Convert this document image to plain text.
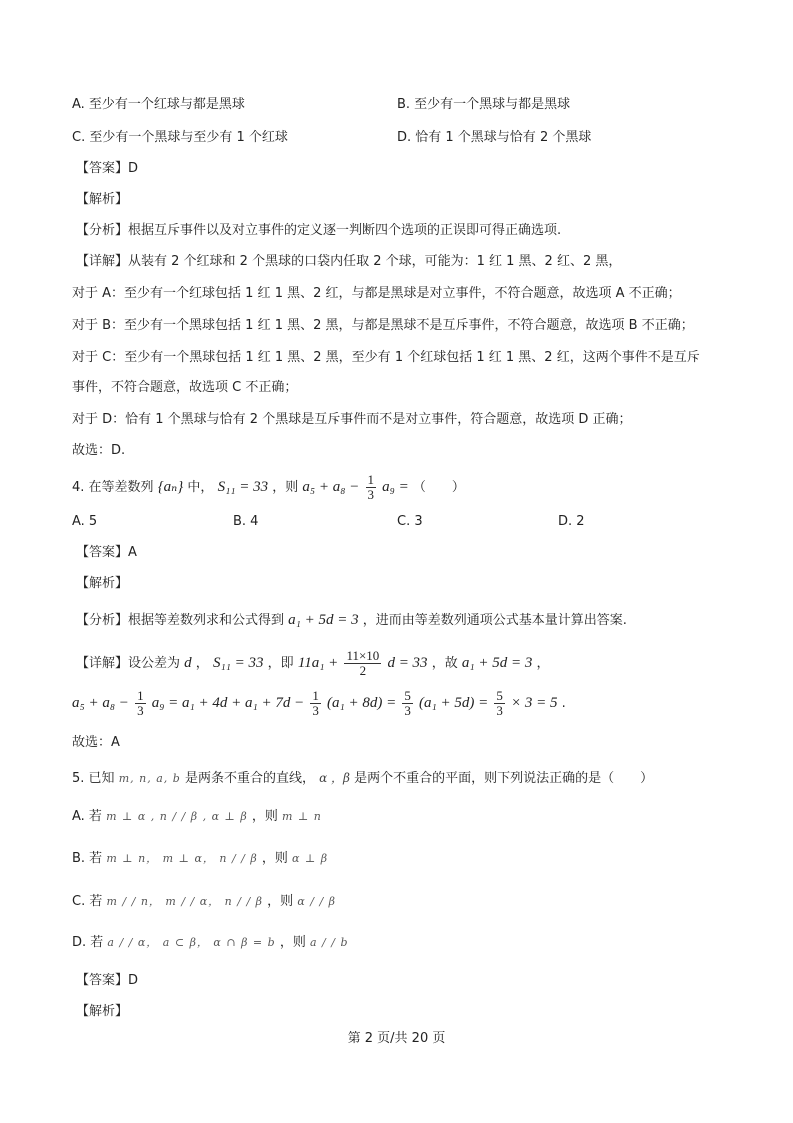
A. 至少有一个红球与都是黑球	B. 至少有一个黑球与都是黑球
C. 至少有一个黑球与至少有 1 个红球	D. 恰有 1 个黑球与恰有 2 个黑球
【答案】D
【解析】
【分析】根据互斥事件以及对立事件的定义逐一判断四个选项的正误即可得正确选项.
【详解】从装有 2 个红球和 2 个黑球的口袋内任取 2 个球，可能为：1 红 1 黑、2 红、2 黑，
对于 A：至少有一个红球包括 1 红 1 黑、2 红，与都是黑球是对立事件，不符合题意，故选项 A 不正确；
对于 B：至少有一个黑球包括 1 红 1 黑、2 黑，与都是黑球不是互斥事件，不符合题意，故选项 B 不正确；
对于 C：至少有一个黑球包括 1 红 1 黑、2 黑，至少有 1 个红球包括 1 红 1 黑、2 红，这两个事件不是互斥
事件，不符合题意，故选项 C 不正确；
对于 D：恰有 1 个黑球与恰有 2 个黑球是互斥事件而不是对立事件，符合题意，故选项 D 正确；
故选：D.
4. 在等差数列 {aₙ} 中， S₁₁ = 33 ，则 $a_5 + a_8 - \frac{1}{3} a_9$ = （　　）
A. 5	B. 4	C. 3	D. 2
【答案】A
【解析】
【分析】根据等差数列求和公式得到 a₁ + 5d = 3 ，进而由等差数列通项公式基本量计算出答案.
【详解】设公差为 d ， S₁₁ = 33 ，即 $11a_1 + \frac{11\times 10}{2}$ d = 33 ，故 a₁ + 5d = 3 ，
$a_5 + a_8 - \frac{1}{3} a_9 = a_1 + 4d + a_1 + 7d - \frac{1}{3} (a_1 + 8d) = \frac{5}{3} (a_1 + 5d) = \frac{5}{3} \times 3 = 5$ .
故选：A
5. 已知 m, n, a, b 是两条不重合的直线， α ，β 是两个不重合的平面，则下列说法正确的是（　　）
A. 若 m ⊥ α , n / / β , α ⊥ β ，则 m ⊥ n
B. 若 m ⊥ n， m ⊥ α， n / / β ，则 α ⊥ β
C. 若 m / / n， m / / α， n / / β ，则 α / / β
D. 若 a / / α， a ⊂ β， α ∩ β = b ，则 a / / b
【答案】D
【解析】
第 2 页/共 20 页
